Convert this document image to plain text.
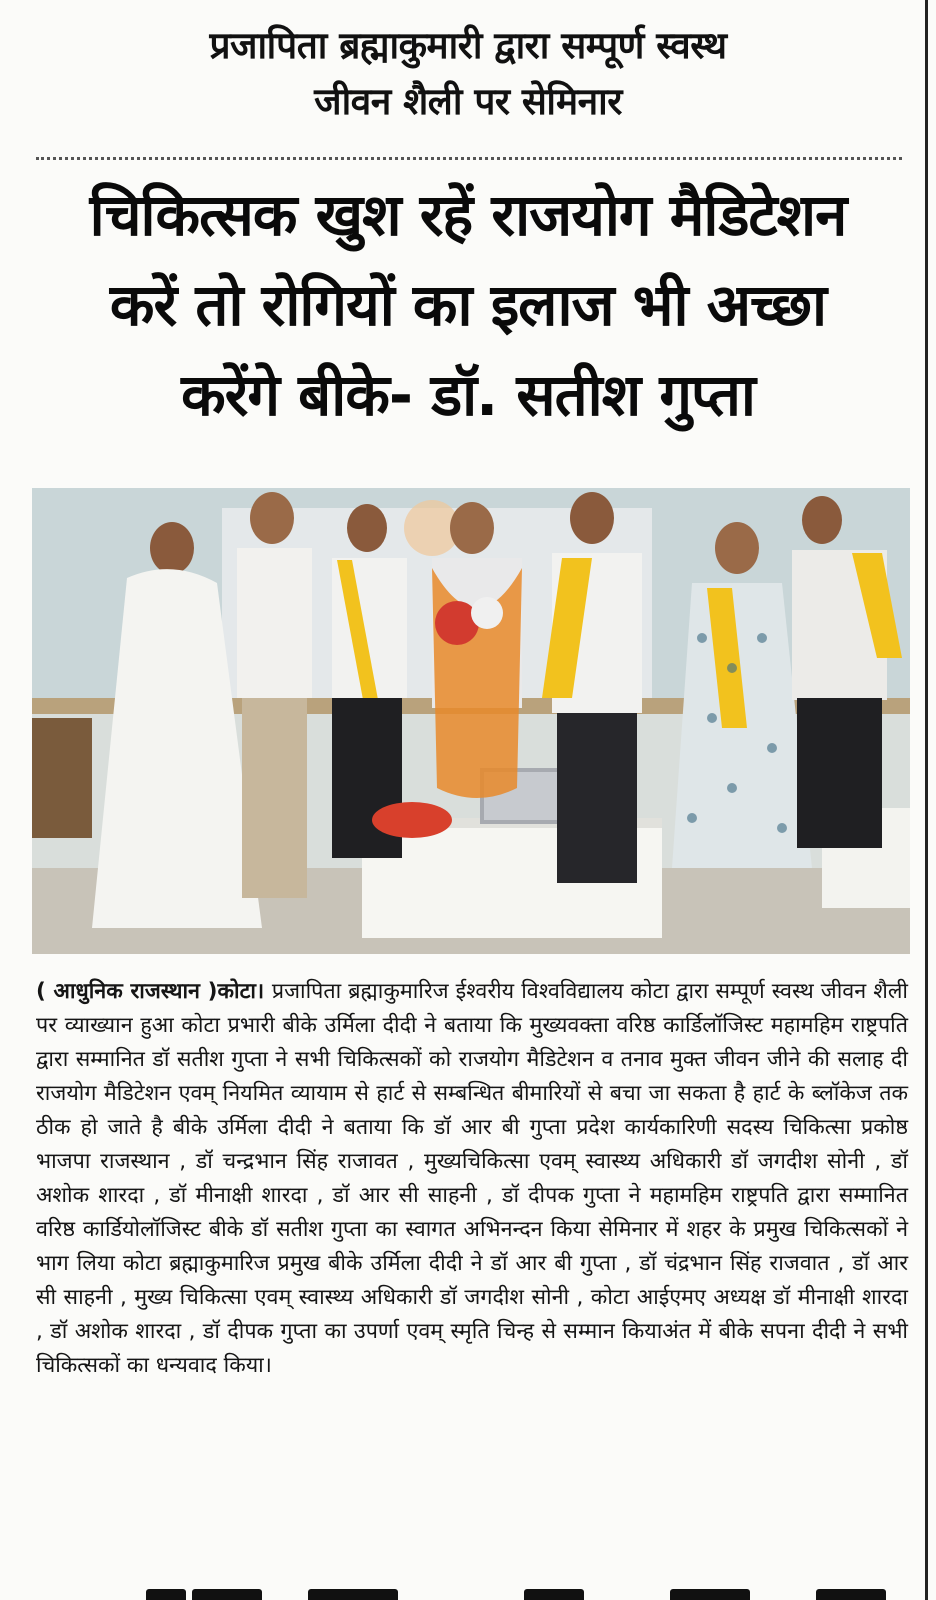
प्रजापिता ब्रह्माकुमारी द्वारा सम्पूर्ण स्वस्थ
जीवन शैली पर सेमिनार
चिकित्सक खुश रहें राजयोग मैडिटेशन
करें तो रोगियों का इलाज भी अच्छा
करेंगे बीके- डॉ. सतीश गुप्ता
( आधुनिक राजस्थान )कोटा। प्रजापिता ब्रह्माकुमारिज ईश्वरीय विश्वविद्यालय कोटा द्वारा सम्पूर्ण स्वस्थ जीवन शैली पर व्याख्यान हुआ कोटा प्रभारी बीके उर्मिला दीदी ने बताया कि मुख्यवक्ता वरिष्ठ कार्डिलॉजिस्ट महामहिम राष्ट्रपति द्वारा सम्मानित डॉ सतीश गुप्ता ने सभी चिकित्सकों को राजयोग मैडिटेशन व तनाव मुक्त जीवन जीने की सलाह दी राजयोग मैडिटेशन एवम् नियमित व्यायाम से हार्ट से सम्बन्धित बीमारियों से बचा जा सकता है हार्ट के ब्लॉकेज तक ठीक हो जाते है बीके उर्मिला दीदी ने बताया कि डॉ आर बी गुप्ता प्रदेश कार्यकारिणी सदस्य चिकित्सा प्रकोष्ठ भाजपा राजस्थान , डॉ चन्द्रभान सिंह राजावत , मुख्यचिकित्सा एवम् स्वास्थ्य अधिकारी डॉ जगदीश सोनी , डॉ अशोक शारदा , डॉ मीनाक्षी शारदा , डॉ आर सी साहनी , डॉ दीपक गुप्ता ने महामहिम राष्ट्रपति द्वारा सम्मानित वरिष्ठ कार्डियोलॉजिस्ट बीके डॉ सतीश गुप्ता का स्वागत अभिनन्दन किया सेमिनार में शहर के प्रमुख चिकित्सकों ने भाग लिया कोटा ब्रह्माकुमारिज प्रमुख बीके उर्मिला दीदी ने डॉ आर बी गुप्ता , डॉ चंद्रभान सिंह राजवात , डॉ आर सी साहनी , मुख्य चिकित्सा एवम् स्वास्थ्य अधिकारी डॉ जगदीश सोनी , कोटा आईएमए अध्यक्ष डॉ मीनाक्षी शारदा , डॉ अशोक शारदा , डॉ दीपक गुप्ता का उपर्णा एवम् स्मृति चिन्ह से सम्मान कियाअंत में बीके सपना दीदी ने सभी चिकित्सकों का धन्यवाद किया।
